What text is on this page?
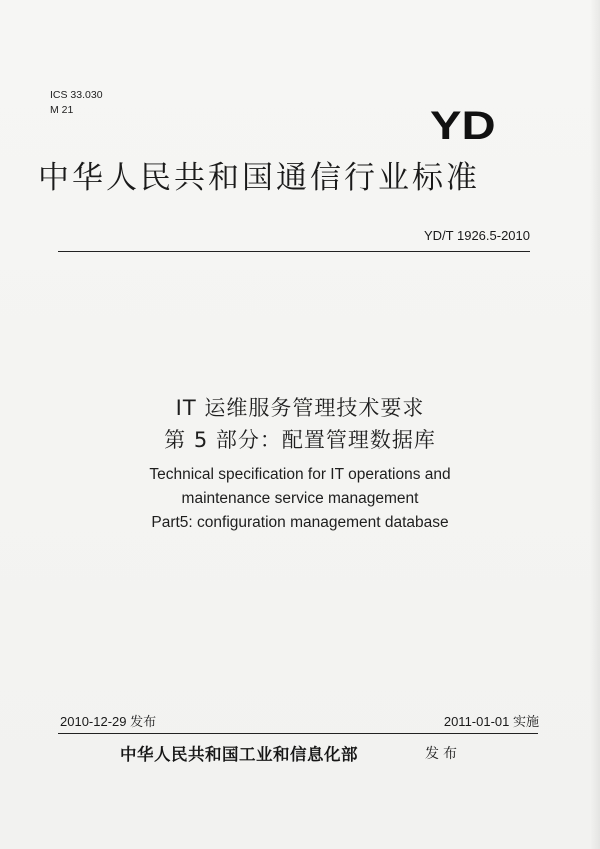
ICS 33.030
M 21	YD
中华人民共和国通信行业标准
YD/T 1926.5-2010
IT 运维服务管理技术要求
第 5 部分：配置管理数据库
Technical specification for IT operations and
maintenance service management
Part5: configuration management database
2010-12-29 发布	2011-01-01 实施
中华人民共和国工业和信息化部	发布
